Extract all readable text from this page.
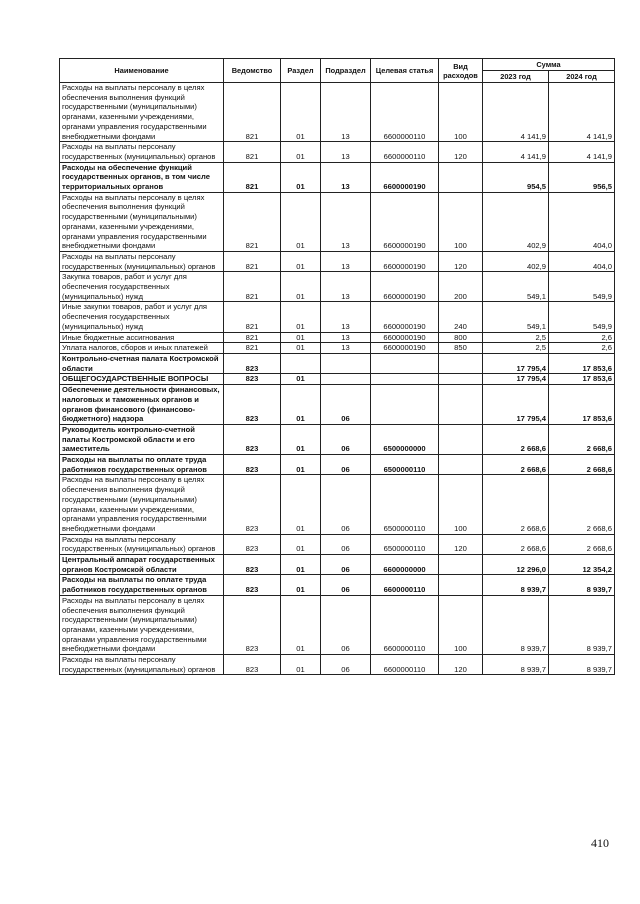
Наименование	Ведомство	Раздел	Подраздел	Целевая статья	Вид расходов	Сумма	
						2023 год	2024 год
Расходы на выплаты персоналу в целях обеспечения выполнения функций государственными (муниципальными) органами, казенными учреждениями, органами управления государственными внебюджетными фондами	821	01	13	6600000110	100	4 141,9	4 141,9
Расходы на выплаты персоналу государственных (муниципальных) органов	821	01	13	6600000110	120	4 141,9	4 141,9
Расходы на обеспечение функций государственных органов, в том числе территориальных органов	821	01	13	6600000190		954,5	956,5
Расходы на выплаты персоналу в целях обеспечения выполнения функций государственными (муниципальными) органами, казенными учреждениями, органами управления государственными внебюджетными фондами	821	01	13	6600000190	100	402,9	404,0
Расходы на выплаты персоналу государственных (муниципальных) органов	821	01	13	6600000190	120	402,9	404,0
Закупка товаров, работ и услуг для обеспечения государственных (муниципальных) нужд	821	01	13	6600000190	200	549,1	549,9
Иные закупки товаров, работ и услуг для обеспечения государственных (муниципальных) нужд	821	01	13	6600000190	240	549,1	549,9
Иные бюджетные ассигнования	821	01	13	6600000190	800	2,5	2,6
Уплата налогов, сборов и иных платежей	821	01	13	6600000190	850	2,5	2,6
Контрольно-счетная палата Костромской области	823					17 795,4	17 853,6
ОБЩЕГОСУДАРСТВЕННЫЕ ВОПРОСЫ	823	01				17 795,4	17 853,6
Обеспечение деятельности финансовых, налоговых и таможенных органов и органов финансового (финансово-бюджетного) надзора	823	01	06			17 795,4	17 853,6
Руководитель контрольно-счетной палаты Костромской области и его заместитель	823	01	06	6500000000		2 668,6	2 668,6
Расходы на выплаты по оплате труда работников государственных органов	823	01	06	6500000110		2 668,6	2 668,6
Расходы на выплаты персоналу в целях обеспечения выполнения функций государственными (муниципальными) органами, казенными учреждениями, органами управления государственными внебюджетными фондами	823	01	06	6500000110	100	2 668,6	2 668,6
Расходы на выплаты персоналу государственных (муниципальных) органов	823	01	06	6500000110	120	2 668,6	2 668,6
Центральный аппарат государственных органов Костромской области	823	01	06	6600000000		12 296,0	12 354,2
Расходы на выплаты по оплате труда работников государственных органов	823	01	06	6600000110		8 939,7	8 939,7
Расходы на выплаты персоналу в целях обеспечения выполнения функций государственными (муниципальными) органами, казенными учреждениями, органами управления государственными внебюджетными фондами	823	01	06	6600000110	100	8 939,7	8 939,7
Расходы на выплаты персоналу государственных (муниципальных) органов	823	01	06	6600000110	120	8 939,7	8 939,7
410
